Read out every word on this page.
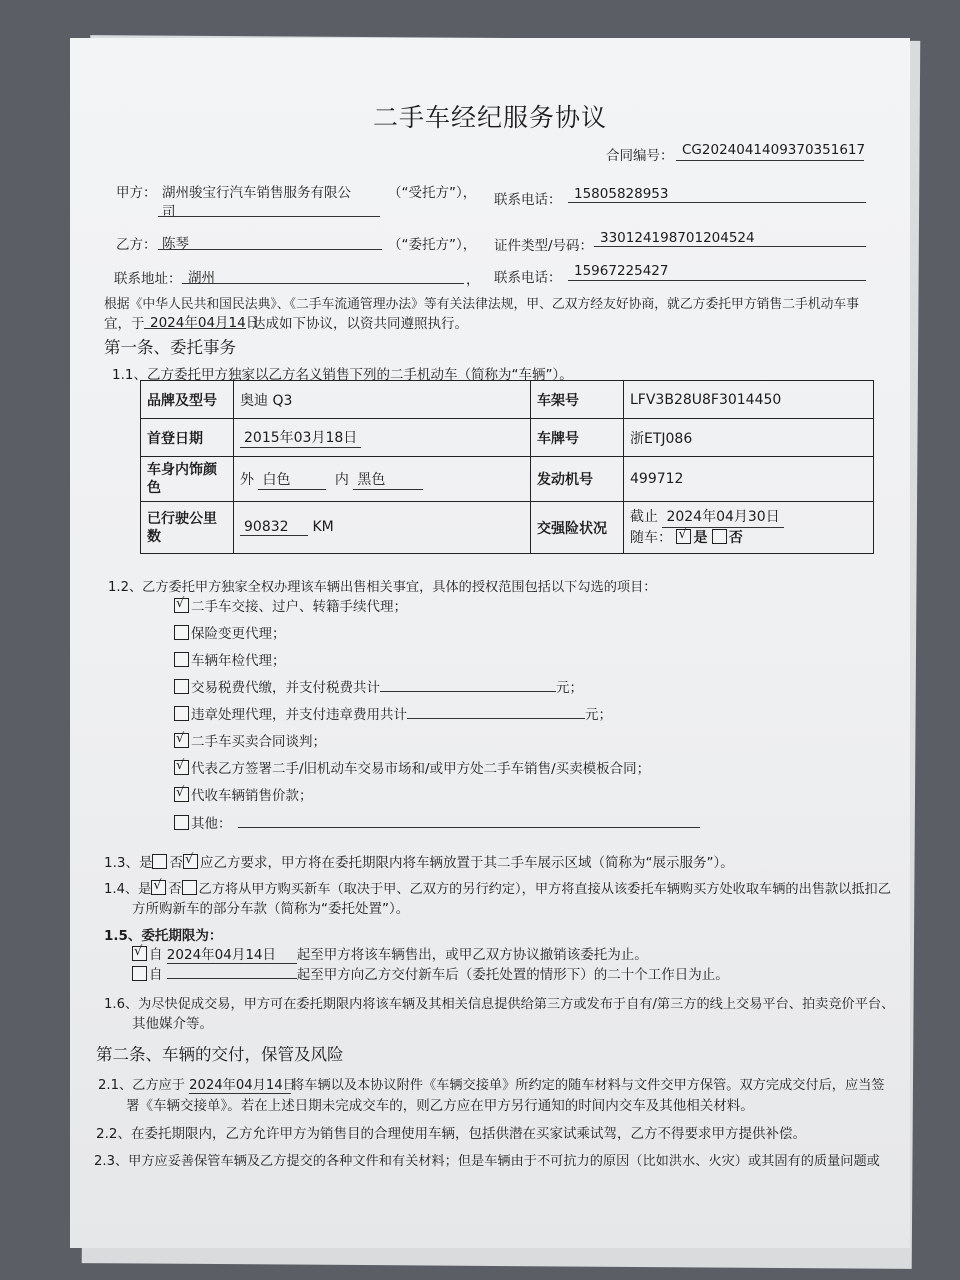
二手车经纪服务协议
合同编号： CG2024041409370351617
甲方： 湖州骏宝行汽车销售服务有限公
司
（“受托方”）， 联系电话： 15805828953
乙方： 陈琴	（“委托方”）， 证件类型/号码： 330124198701204524
联系地址： 湖州	， 联系电话： 15967225427
根据《中华人民共和国民法典》、《二手车流通管理办法》等有关法律法规，甲、乙双方经友好协商，就乙方委托甲方销售二手机动车事
宜，于 2024年04月14日
达成如下协议，以资共同遵照执行。
第一条、委托事务
1.1、乙方委托甲方独家以乙方名义销售下列的二手机动车（简称为“车辆”）。
品牌及型号	奥迪 Q3	车架号	LFV3B28U8F3014450
首登日期	2015年03月18日	车牌号	浙ETJ086
车身内饰颜色	外 白色 内 黑色	发动机号	499712
已行驶公里数	90832 KM	交强险状况	截止 2024年04月30日
随车： √ 是 否
1.2、乙方委托甲方独家全权办理该车辆出售相关事宜，具体的授权范围包括以下勾选的项目：
√二手车交接、过户、转籍手续代理；
保险变更代理；
车辆年检代理；
交易税费代缴，并支付税费共计	元；
违章处理代理，并支付违章费用共计	元；
√二手车买卖合同谈判；
√代表乙方签署二手/旧机动车交易市场和/或甲方处二手车销售/买卖模板合同；
√代收车辆销售价款；
其他：
1.3、是 否 √ 应乙方要求，甲方将在委托期限内将车辆放置于其二手车展示区域（简称为“展示服务”）。
1.4、是 √ 否 乙方将从甲方购买新车（取决于甲、乙双方的另行约定），甲方将直接从该委托车辆购买方处收取车辆的出售款以抵扣乙
方所购新车的部分车款（简称为“委托处置”）。
1.5、委托期限为：
√自 2024年04月14日 起至甲方将该车辆售出，或甲乙双方协议撤销该委托为止。
自	起至甲方向乙方交付新车后（委托处置的情形下）的二十个工作日为止。
1.6、为尽快促成交易，甲方可在委托期限内将该车辆及其相关信息提供给第三方或发布于自有/第三方的线上交易平台、拍卖竞价平台、
其他媒介等。
第二条、车辆的交付，保管及风险
2.1、乙方应于 2024年04月14日将车辆以及本协议附件《车辆交接单》所约定的随车材料与文件交甲方保管。双方完成交付后，应当签
署《车辆交接单》。若在上述日期未完成交车的，则乙方应在甲方另行通知的时间内交车及其他相关材料。
2.2、在委托期限内，乙方允许甲方为销售目的合理使用车辆，包括供潜在买家试乘试驾，乙方不得要求甲方提供补偿。
2.3、甲方应妥善保管车辆及乙方提交的各种文件和有关材料；但是车辆由于不可抗力的原因（比如洪水、火灾）或其固有的质量问题或
